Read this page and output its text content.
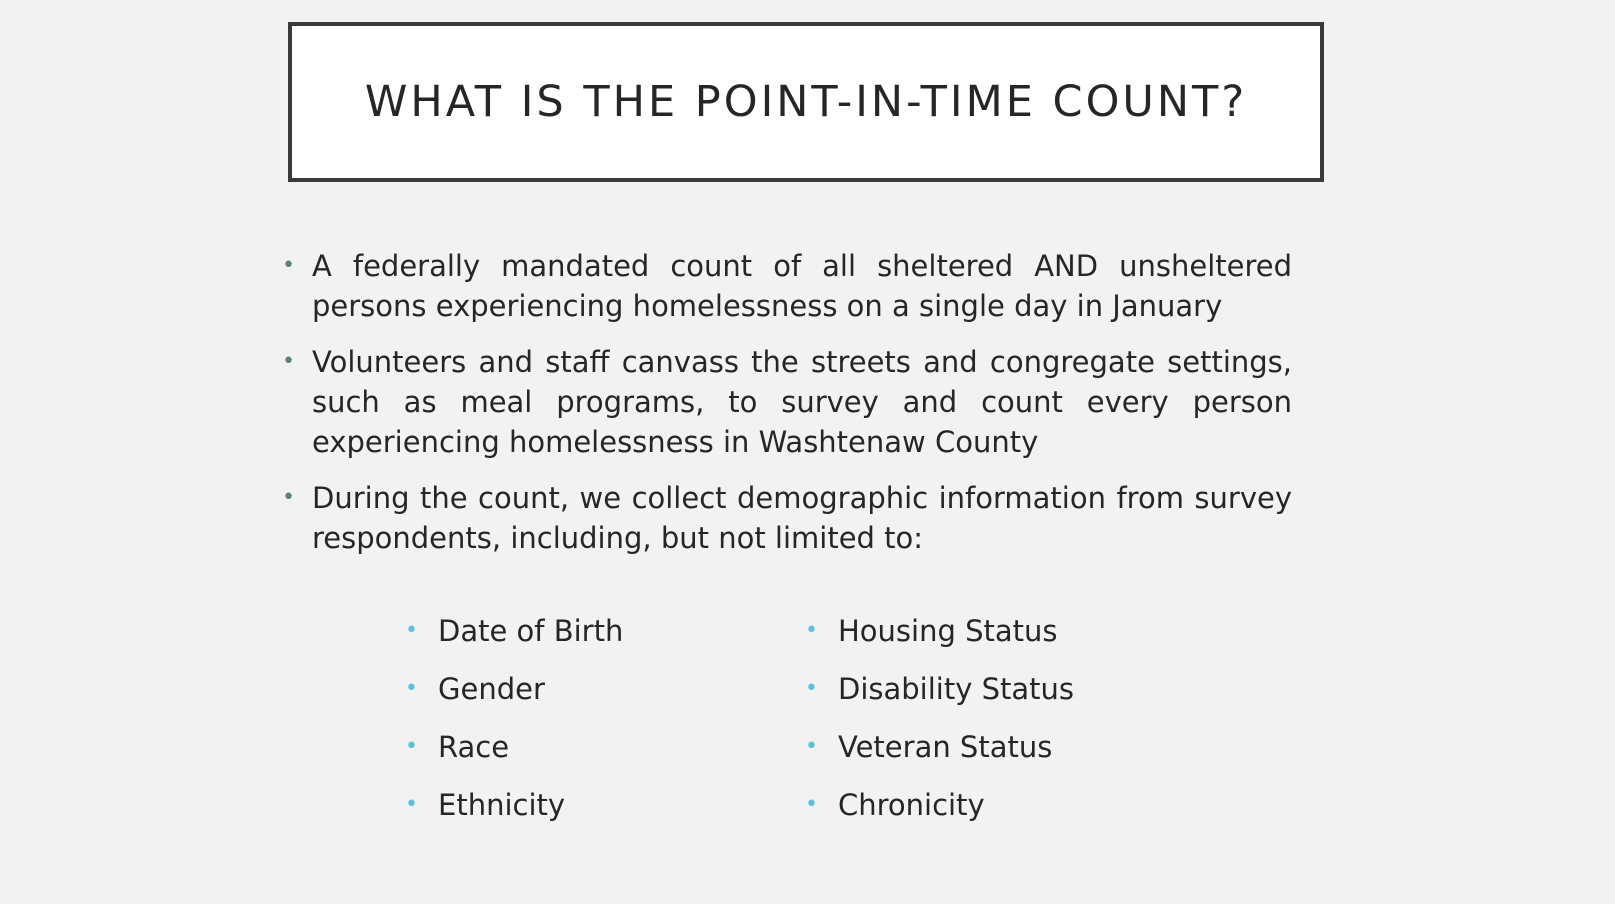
WHAT IS THE POINT-IN-TIME COUNT?
• A federally mandated count of all sheltered AND unsheltered persons experiencing homelessness on a single day in January
• Volunteers and staff canvass the streets and congregate settings, such as meal programs, to survey and count every person experiencing homelessness in Washtenaw County
• During the count, we collect demographic information from survey respondents, including, but not limited to:
• Date of Birth
• Gender
• Race
• Ethnicity
• Housing Status
• Disability Status
• Veteran Status
• Chronicity
